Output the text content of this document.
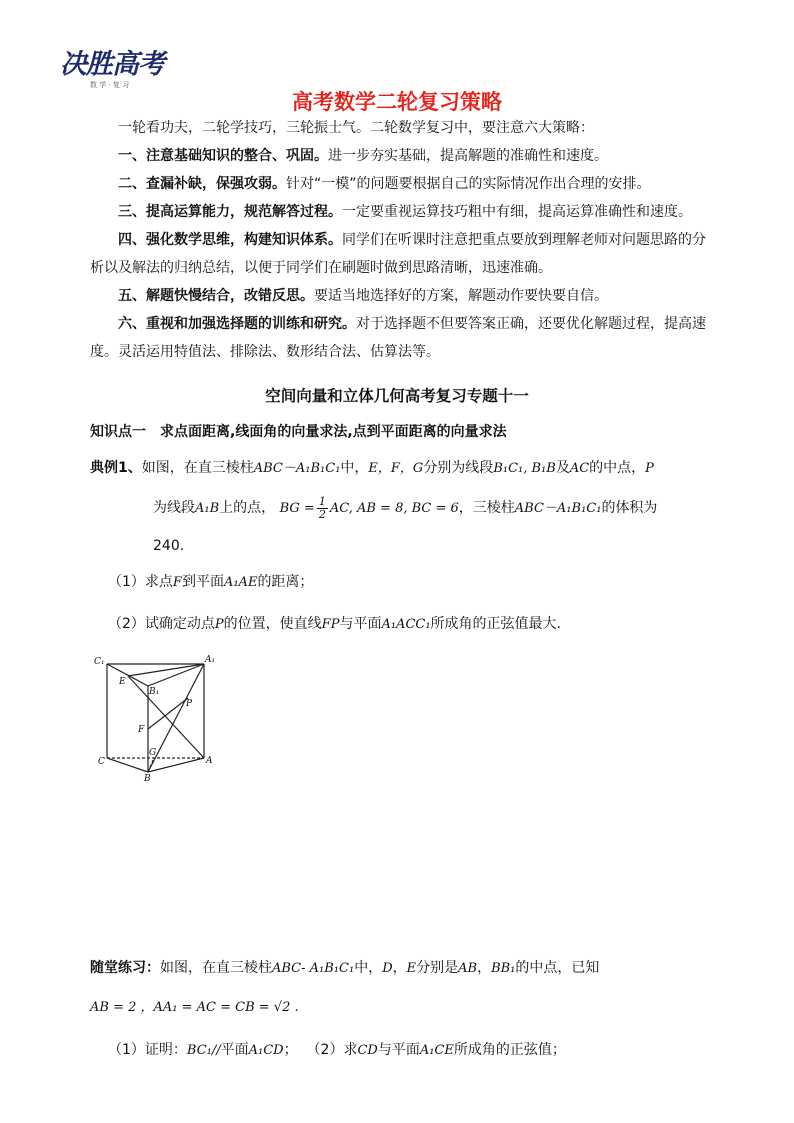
决胜高考
数 学 · 复 习
高考数学二轮复习策略
一轮看功夫，二轮学技巧，三轮振士气。二轮数学复习中，要注意六大策略：
一、注意基础知识的整合、巩固。进一步夯实基础，提高解题的准确性和速度。
二、查漏补缺，保强攻弱。针对“一模”的问题要根据自己的实际情况作出合理的安排。
三、提高运算能力，规范解答过程。一定要重视运算技巧粗中有细，提高运算准确性和速度。
四、强化数学思维，构建知识体系。同学们在听课时注意把重点要放到理解老师对问题思路的分析以及解法的归纳总结，以便于同学们在刷题时做到思路清晰，迅速准确。
五、解题快慢结合，改错反思。要适当地选择好的方案，解题动作要快要自信。
六、重视和加强选择题的训练和研究。对于选择题不但要答案正确，还要优化解题过程，提高速度。灵活运用特值法、排除法、数形结合法、估算法等。
空间向量和立体几何高考复习专题十一
知识点一　求点面距离,线面角的向量求法,点到平面距离的向量求法
典例1、如图，在直三棱柱ABC－A₁B₁C₁中，E，F，G分别为线段B₁C₁, B₁B及AC的中点，P
为线段A₁B上的点， BG = $\frac{1}{2}$ AC, AB = 8, BC = 6，三棱柱ABC－A₁B₁C₁的体积为
240.
（1）求点F到平面A₁AE的距离；
（2）试确定动点P的位置，使直线FP与平面A₁ACC₁所成角的正弦值最大.
C₁	A₁
E
B₁
P
F
G
C
B
A
随堂练习：如图，在直三棱柱ABC- A₁B₁C₁中，D，E分别是AB，BB₁的中点，已知
AB = 2 ，AA₁ = AC = CB = √2 .
（1）证明：BC₁//平面A₁CD； （2）求CD与平面A₁CE所成角的正弦值；
